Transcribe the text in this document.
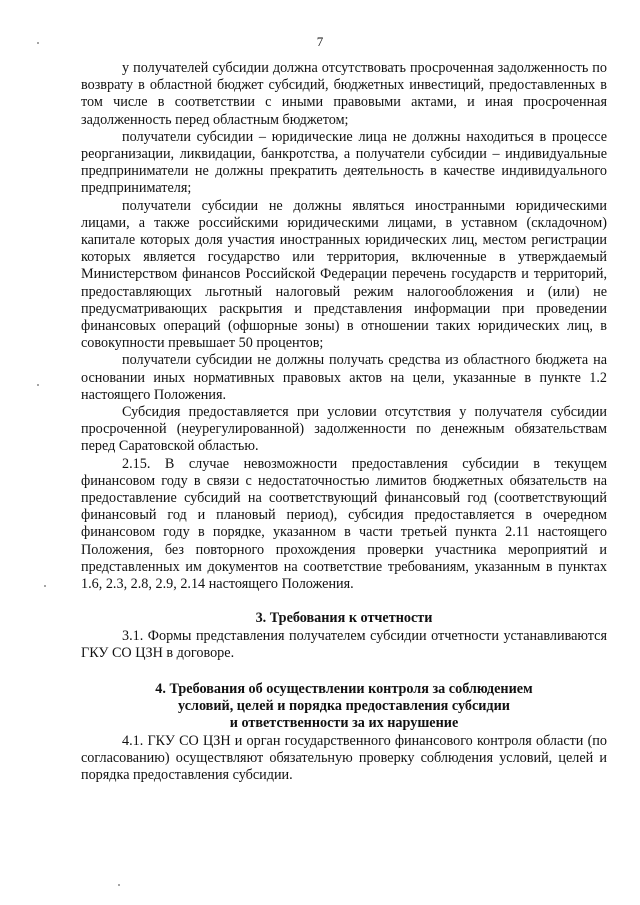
7

у получателей субсидии должна отсутствовать просроченная задолженность по возврату в областной бюджет субсидий, бюджетных инвестиций, предоставленных в том числе в соответствии с иными правовыми актами, и иная просроченная задолженность перед областным бюджетом;

получатели субсидии – юридические лица не должны находиться в процессе реорганизации, ликвидации, банкротства, а получатели субсидии – индивидуальные предприниматели не должны прекратить деятельность в качестве индивидуального предпринимателя;

получатели субсидии не должны являться иностранными юридическими лицами, а также российскими юридическими лицами, в уставном (складочном) капитале которых доля участия иностранных юридических лиц, местом регистрации которых является государство или территория, включенные в утверждаемый Министерством финансов Российской Федерации перечень государств и территорий, предоставляющих льготный налоговый режим налогообложения и (или) не предусматривающих раскрытия и представления информации при проведении финансовых операций (офшорные зоны) в отношении таких юридических лиц, в совокупности превышает 50 процентов;

получатели субсидии не должны получать средства из областного бюджета на основании иных нормативных правовых актов на цели, указанные в пункте 1.2 настоящего Положения.

Субсидия предоставляется при условии отсутствия у получателя субсидии просроченной (неурегулированной) задолженности по денежным обязательствам перед Саратовской областью.

2.15. В случае невозможности предоставления субсидии в текущем финансовом году в связи с недостаточностью лимитов бюджетных обязательств на предоставление субсидий на соответствующий финансовый год (соответствующий финансовый год и плановый период), субсидия предоставляется в очередном финансовом году в порядке, указанном в части третьей пункта 2.11 настоящего Положения, без повторного прохождения проверки участника мероприятий и представленных им документов на соответствие требованиям, указанным в пунктах 1.6, 2.3, 2.8, 2.9, 2.14 настоящего Положения.

3. Требования к отчетности

3.1. Формы представления получателем субсидии отчетности устанавливаются ГКУ СО ЦЗН в договоре.

4. Требования об осуществлении контроля за соблюдением
условий, целей и порядка предоставления субсидии
и ответственности за их нарушение

4.1. ГКУ СО ЦЗН и орган государственного финансового контроля области (по согласованию) осуществляют обязательную проверку соблюдения условий, целей и порядка предоставления субсидии.
